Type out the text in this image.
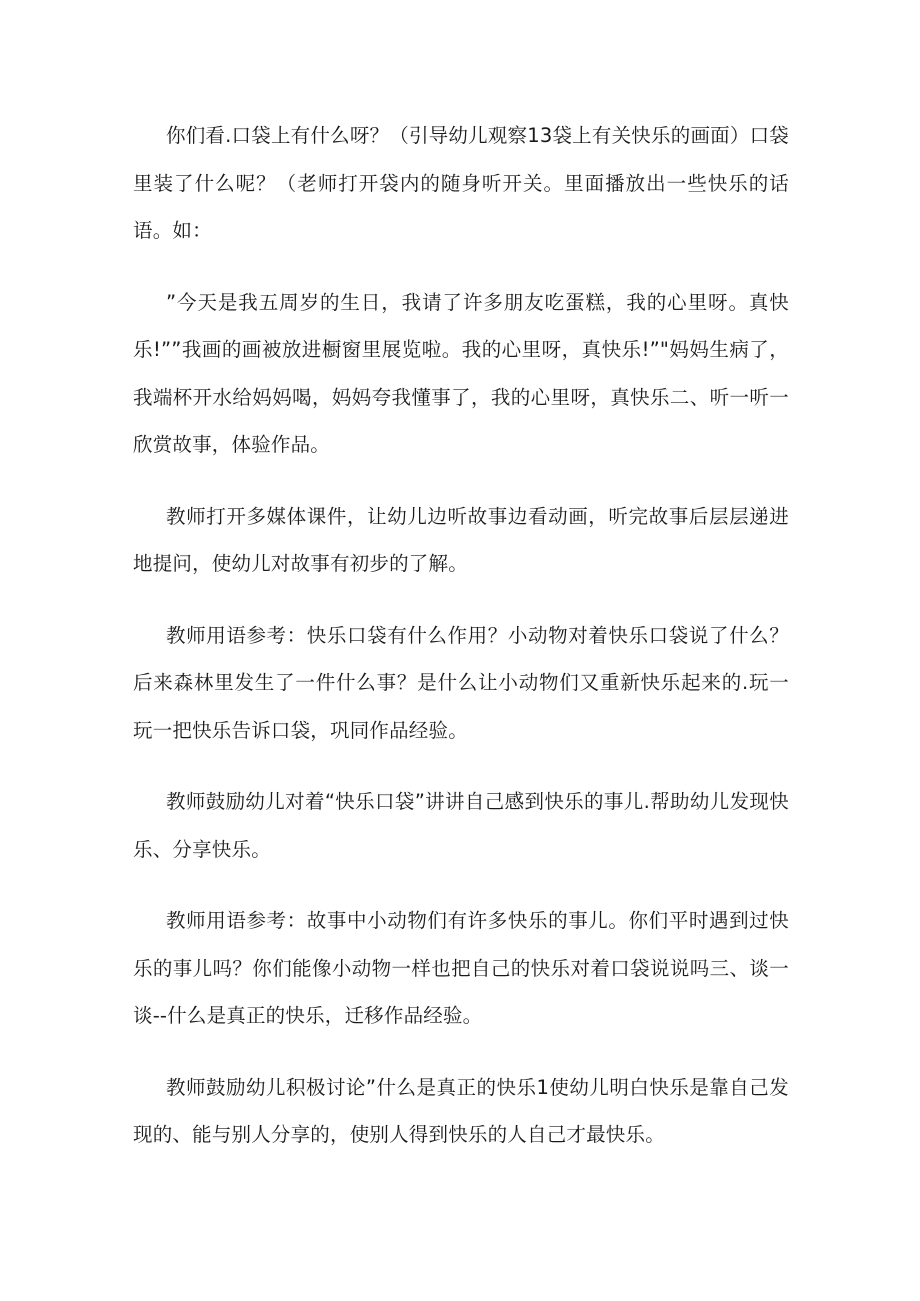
你们看.口袋上有什么呀？（引导幼儿观察13袋上有关快乐的画面）口袋里装了什么呢？（老师打开袋内的随身听开关。里面播放出一些快乐的话语。如：

”今天是我五周岁的生日，我请了许多朋友吃蛋糕，我的心里呀。真快乐!””我画的画被放进橱窗里展览啦。我的心里呀，真快乐!”"妈妈生病了，我端杯开水给妈妈喝，妈妈夸我懂事了，我的心里呀，真快乐二、听一听一欣赏故事，体验作品。

教师打开多媒体课件，让幼儿边听故事边看动画，听完故事后层层递进地提问，使幼儿对故事有初步的了解。

教师用语参考：快乐口袋有什么作用？小动物对着快乐口袋说了什么？后来森林里发生了一件什么事？是什么让小动物们又重新快乐起来的.玩一玩一把快乐告诉口袋，巩同作品经验。

教师鼓励幼儿对着“快乐口袋”讲讲自己感到快乐的事儿.帮助幼儿发现快乐、分享快乐。

教师用语参考：故事中小动物们有许多快乐的事儿。你们平时遇到过快乐的事儿吗？你们能像小动物一样也把自己的快乐对着口袋说说吗三、谈一谈--什么是真正的快乐，迁移作品经验。

教师鼓励幼儿积极讨论”什么是真正的快乐1使幼儿明白快乐是靠自己发现的、能与别人分享的，使别人得到快乐的人自己才最快乐。
